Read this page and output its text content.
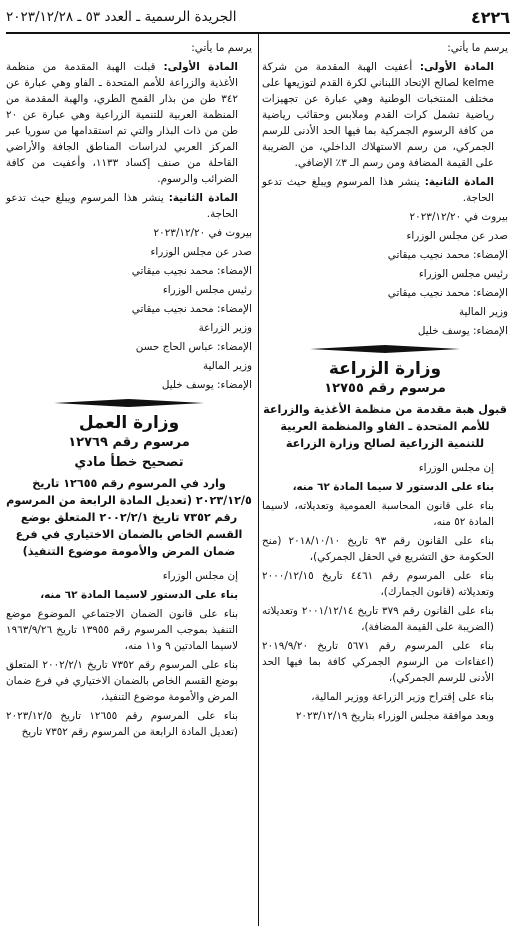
٤٢٢٦
الجريدة الرسمية ـ العدد ٥٣ ـ ٢٠٢٣/١٢/٢٨

يرسم ما يأتي:

المادة الأولى: أعفيت الهبة المقدمة من شركة kelme لصالح الإتحاد اللبناني لكرة القدم لتوزيعها على مختلف المنتخبات الوطنية وهي عبارة عن تجهيزات رياضية تشمل كرات القدم وملابس وحقائب رياضية من كافة الرسوم الجمركية بما فيها الحد الأدنى للرسم الجمركي، من رسم الاستهلاك الداخلي، من الضريبة على القيمة المضافة ومن رسم الـ ٣٪ الإضافي.

المادة الثانية: ينشر هذا المرسوم ويبلغ حيث تدعو الحاجة.

بيروت في ٢٠٢٣/١٢/٢٠

صدر عن مجلس الوزراء

الإمضاء: محمد نجيب ميقاتي

رئيس مجلس الوزراء

الإمضاء: محمد نجيب ميقاتي

وزير المالية

الإمضاء: يوسف خليل

وزارة الزراعة
مرسوم رقم ١٢٧٥٥
قبول هبة مقدمة من منظمة الأغذية والزراعة للأمم المتحدة ـ الفاو والمنظمة العربية للتنمية الزراعية لصالح وزارة الزراعة

إن مجلس الوزراء

بناء على الدستور لا سيما المادة ٦٢ منه،

بناء على قانون المحاسبة العمومية وتعديلاته، لاسيما المادة ٥٢ منه،

بناء على القانون رقم ٩٣ تاريخ ٢٠١٨/١٠/١٠ (منح الحكومة حق التشريع في الحقل الجمركي)،

بناء على المرسوم رقم ٤٤٦١ تاريخ ٢٠٠٠/١٢/١٥ وتعديلاته (قانون الجمارك)،

بناء على القانون رقم ٣٧٩ تاريخ ٢٠٠١/١٢/١٤ وتعديلاته (الضريبة على القيمة المضافة)،

بناء على المرسوم رقم ٥٦٧١ تاريخ ٢٠١٩/٩/٢٠ (اعفاءات من الرسوم الجمركي كافة بما فيها الحد الأدنى للرسم الجمركي)،

بناء على إقتراح وزير الزراعة ووزير المالية،

وبعد موافقة مجلس الوزراء بتاريخ ٢٠٢٣/١٢/١٩

يرسم ما يأتي:

المادة الأولى: قبلت الهبة المقدمة من منظمة الأغذية والزراعة للأمم المتحدة ـ الفاو وهي عبارة عن ٣٤٢ طن من بذار القمح الطري، والهبة المقدمة من المنظمة العربية للتنمية الزراعية وهي عبارة عن ٢٠ طن من ذات البذار والتي تم استقدامها من سوريا عبر المركز العربي لدراسات المناطق الجافة والأراضي القاحلة من صنف إكساد ١١٣٣، وأعفيت من كافة الضرائب والرسوم.

المادة الثانية: ينشر هذا المرسوم ويبلغ حيث تدعو الحاجة.

بيروت في ٢٠٢٣/١٢/٢٠

صدر عن مجلس الوزراء

الإمضاء: محمد نجيب ميقاتي

رئيس مجلس الوزراء

الإمضاء: محمد نجيب ميقاتي

وزير الزراعة

الإمضاء: عباس الحاج حسن

وزير المالية

الإمضاء: يوسف خليل

وزارة العمل
مرسوم رقم ١٢٧٦٩
تصحيح خطأ مادي
وارد في المرسوم رقم ١٢٦٥٥ تاريخ ٢٠٢٣/١٢/٥ (تعديل المادة الرابعة من المرسوم رقم ٧٣٥٢ تاريخ ٢٠٠٢/٢/١ المتعلق بوضع القسم الخاص بالضمان الاختياري في فرع ضمان المرض والأمومة موضوع التنفيذ)

إن مجلس الوزراء

بناء على الدستور لاسيما المادة ٦٢ منه،

بناء على قانون الضمان الاجتماعي الموضوع موضع التنفيذ بموجب المرسوم رقم ١٣٩٥٥ تاريخ ١٩٦٣/٩/٢٦ لاسيما المادتين ٩ و١١ منه،

بناء على المرسوم رقم ٧٣٥٢ تاريخ ٢٠٠٢/٢/١ المتعلق بوضع القسم الخاص بالضمان الاختياري في فرع ضمان المرض والأمومة موضوع التنفيذ،

بناء على المرسوم رقم ١٢٦٥٥ تاريخ ٢٠٢٣/١٢/٥ (تعديل المادة الرابعة من المرسوم رقم ٧٣٥٢ تاريخ
